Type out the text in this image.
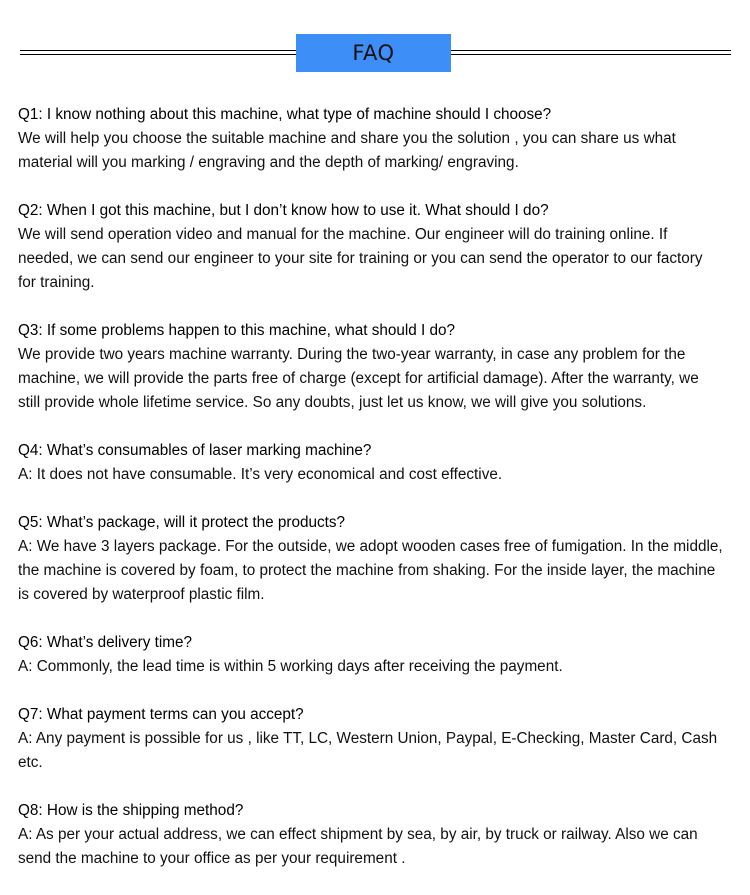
FAQ

Q1: I know nothing about this machine, what type of machine should I choose?

We will help you choose the suitable machine and share you the solution , you can share us what

material will you marking / engraving and the depth of marking/ engraving.

Q2: When I got this machine, but I don’t know how to use it. What should I do?

We will send operation video and manual for the machine. Our engineer will do training online. If

needed, we can send our engineer to your site for training or you can send the operator to our factory

for training.

Q3: If some problems happen to this machine, what should I do?

We provide two years machine warranty. During the two-year warranty, in case any problem for the

machine, we will provide the parts free of charge (except for artificial damage). After the warranty, we

still provide whole lifetime service. So any doubts, just let us know, we will give you solutions.

Q4: What’s consumables of laser marking machine?

A: It does not have consumable. It’s very economical and cost effective.

Q5: What’s package, will it protect the products?

A: We have 3 layers package. For the outside, we adopt wooden cases free of fumigation. In the middle,

the machine is covered by foam, to protect the machine from shaking. For the inside layer, the machine

is covered by waterproof plastic film.

Q6: What’s delivery time?

A: Commonly, the lead time is within 5 working days after receiving the payment.

Q7: What payment terms can you accept?

A: Any payment is possible for us , like TT, LC, Western Union, Paypal, E-Checking, Master Card, Cash

etc.

Q8: How is the shipping method?

A: As per your actual address, we can effect shipment by sea, by air, by truck or railway. Also we can

send the machine to your office as per your requirement .
